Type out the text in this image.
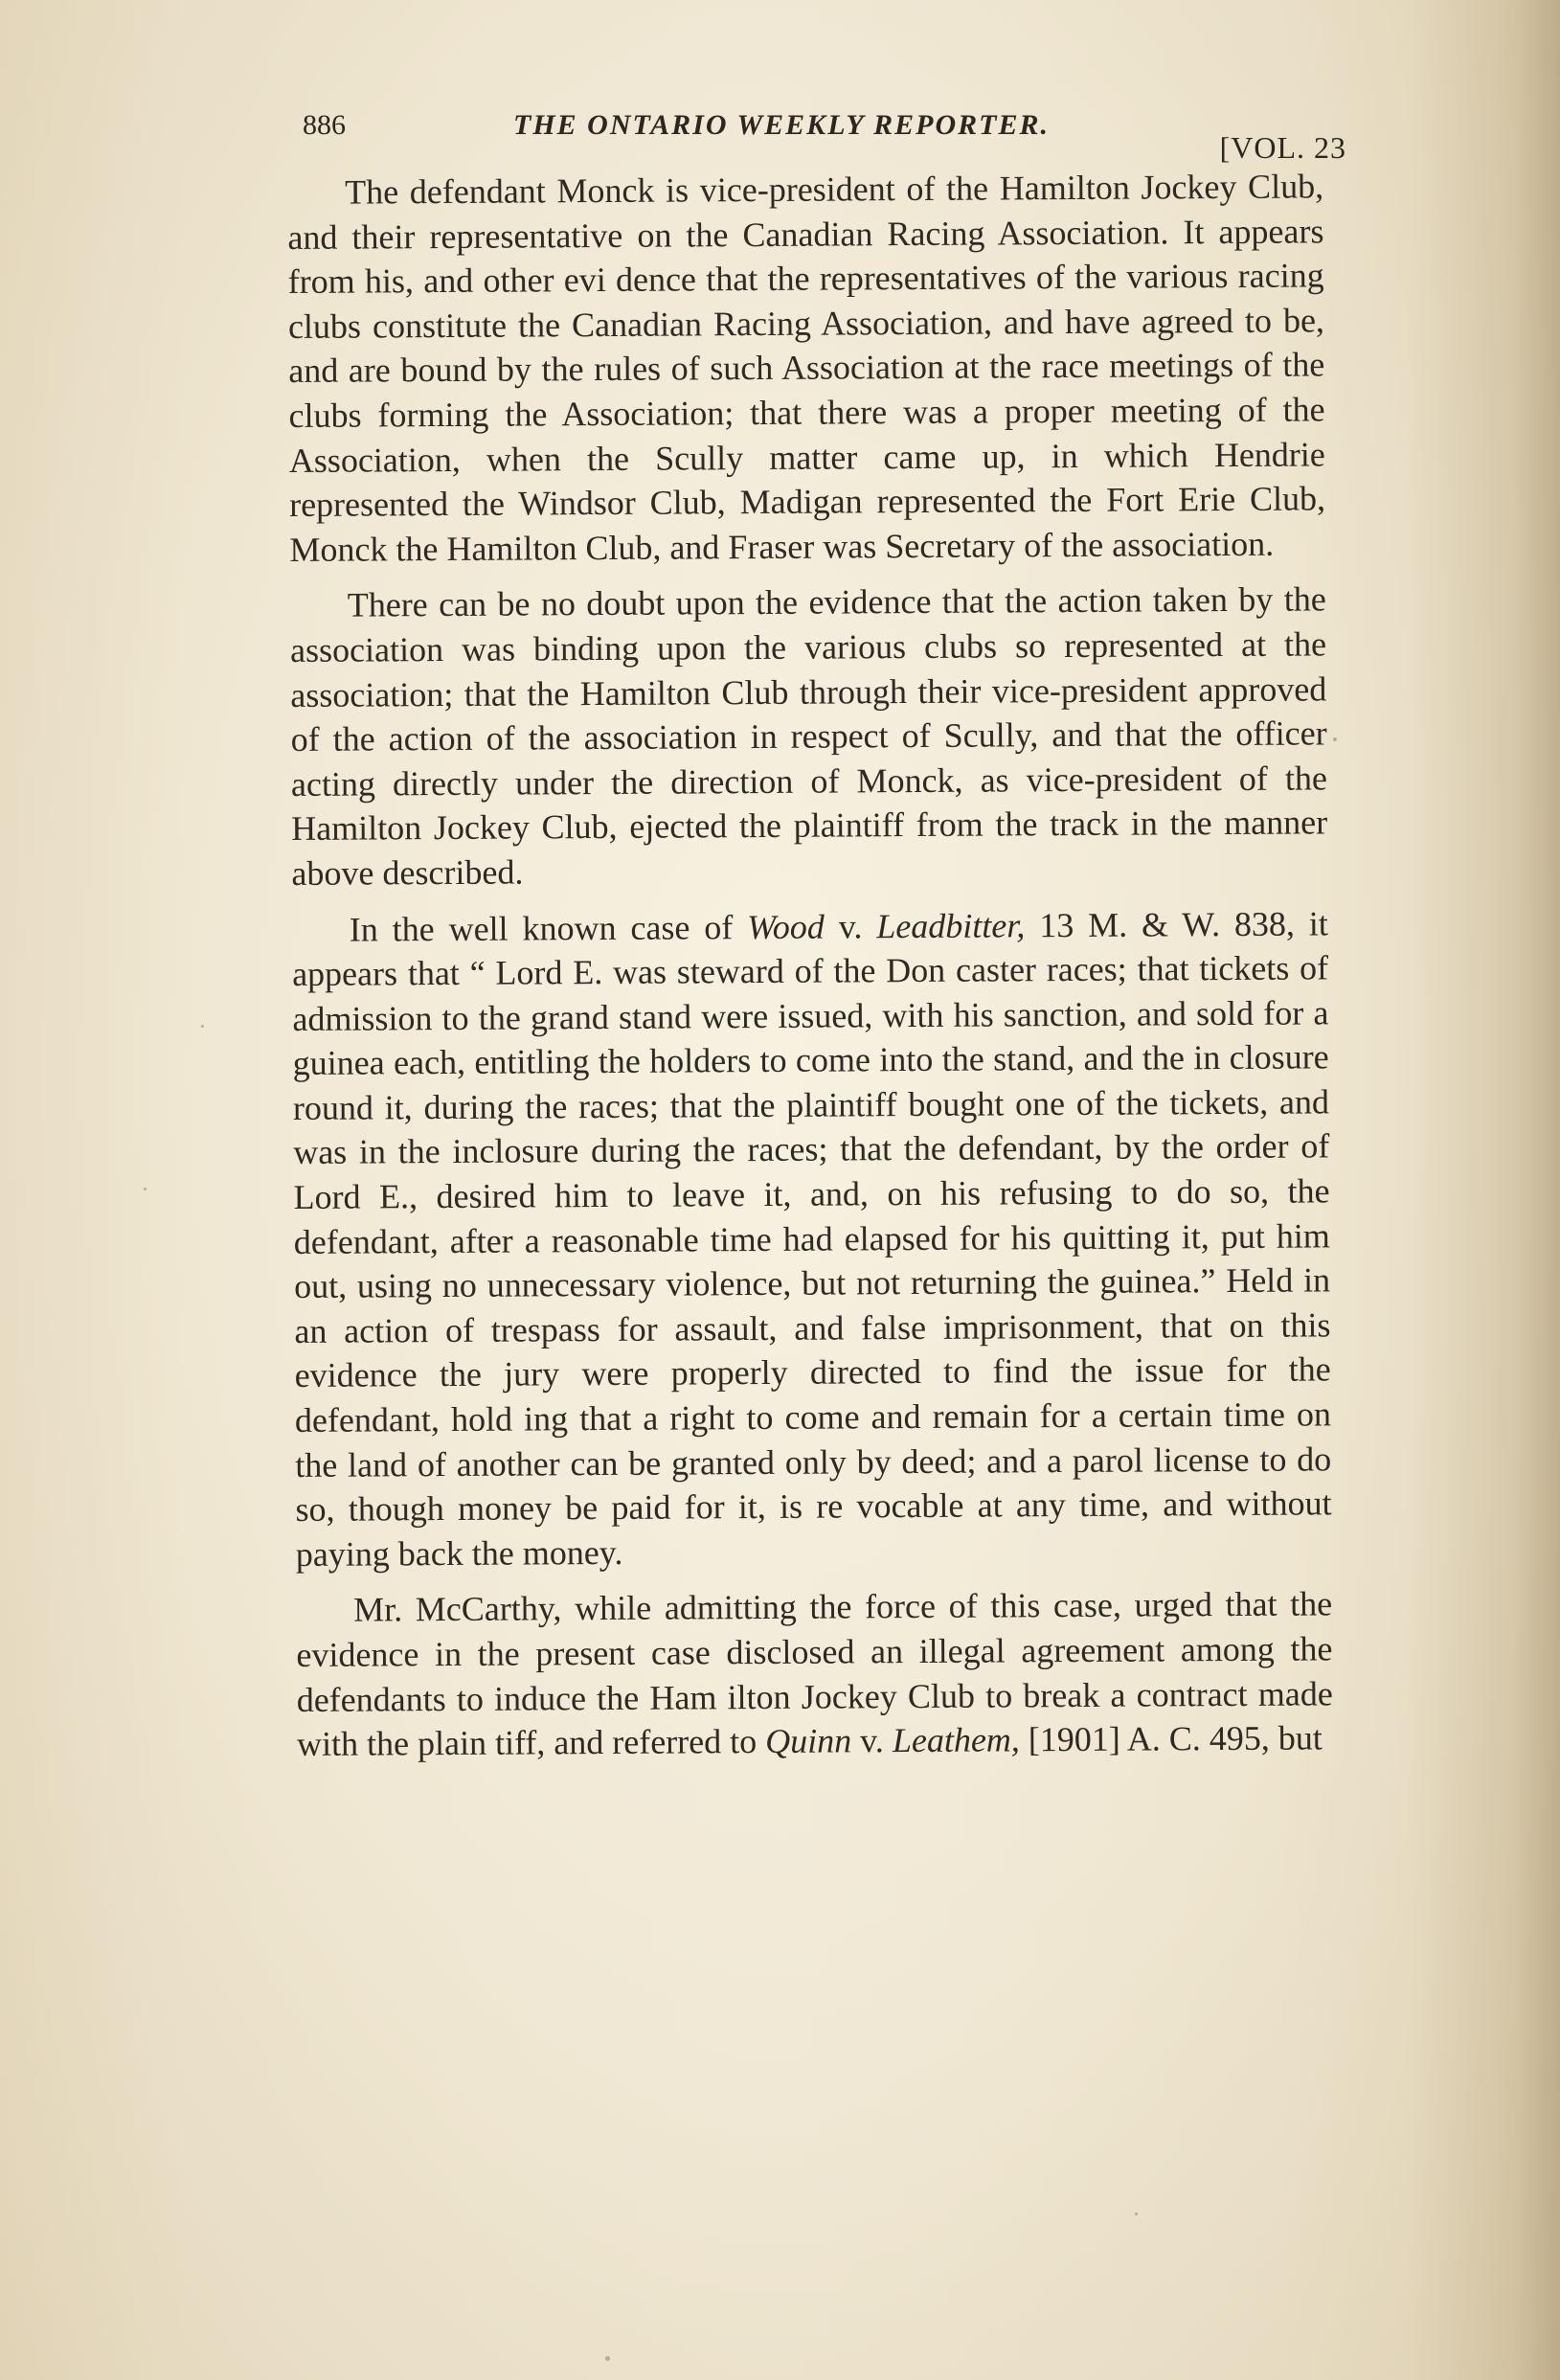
886	THE ONTARIO WEEKLY REPORTER.
[VOL. 23

The defendant Monck is vice-president of the Hamilton Jockey Club, and their representative on the Canadian Racing Association. It appears from his, and other evi dence that the representatives of the various racing clubs constitute the Canadian Racing Association, and have agreed to be, and are bound by the rules of such Association at the race meetings of the clubs forming the Association; that there was a proper meeting of the Association, when the Scully matter came up, in which Hendrie represented the Windsor Club, Madigan represented the Fort Erie Club, Monck the Hamilton Club, and Fraser was Secretary of the association.

There can be no doubt upon the evidence that the action taken by the association was binding upon the various clubs so represented at the association; that the Hamilton Club through their vice-president approved of the action of the association in respect of Scully, and that the officer acting directly under the direction of Monck, as vice-president of the Hamilton Jockey Club, ejected the plaintiff from the track in the manner above described.

In the well known case of Wood v. Leadbitter, 13 M. & W. 838, it appears that “ Lord E. was steward of the Don caster races; that tickets of admission to the grand stand were issued, with his sanction, and sold for a guinea each, entitling the holders to come into the stand, and the in closure round it, during the races; that the plaintiff bought one of the tickets, and was in the inclosure during the races; that the defendant, by the order of Lord E., desired him to leave it, and, on his refusing to do so, the defendant, after a reasonable time had elapsed for his quitting it, put him out, using no unnecessary violence, but not returning the guinea.” Held in an action of trespass for assault, and false imprisonment, that on this evidence the jury were properly directed to find the issue for the defendant, hold ing that a right to come and remain for a certain time on the land of another can be granted only by deed; and a parol license to do so, though money be paid for it, is re vocable at any time, and without paying back the money.

Mr. McCarthy, while admitting the force of this case, urged that the evidence in the present case disclosed an illegal agreement among the defendants to induce the Ham ilton Jockey Club to break a contract made with the plain tiff, and referred to Quinn v. Leathem, [1901] A. C. 495, but
